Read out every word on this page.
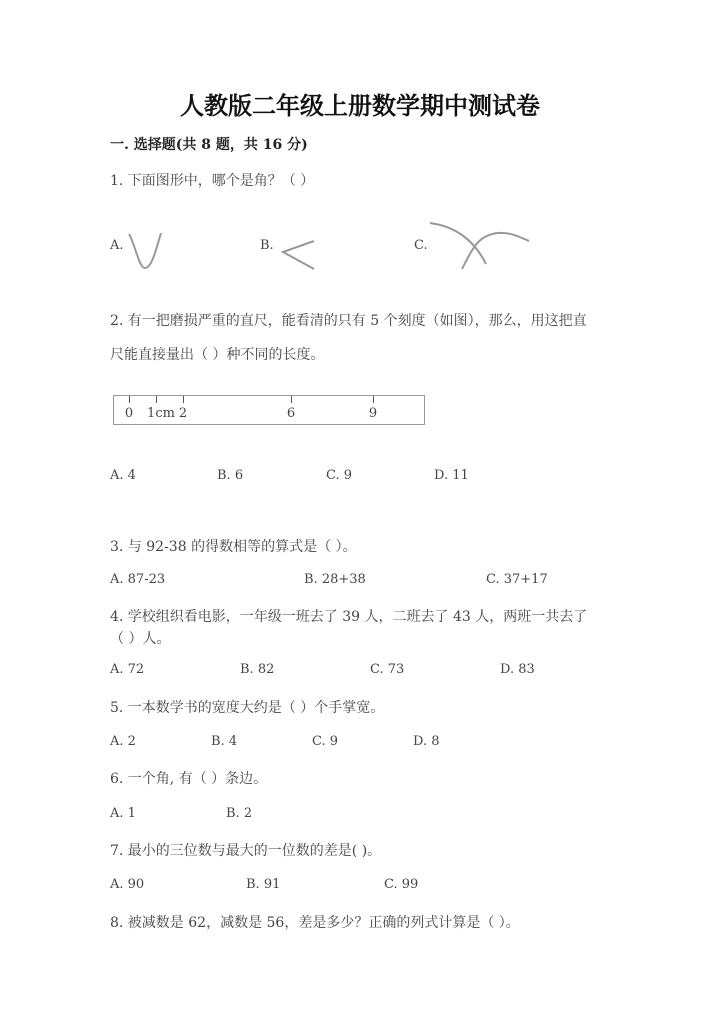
人教版二年级上册数学期中测试卷
一. 选择题(共 8 题，共 16 分)
1. 下面图形中，哪个是角？（ ）
A.	B.	C.
2. 有一把磨损严重的直尺，能看清的只有 5 个刻度（如图），那么，用这把直
尺能直接量出（ ）种不同的长度。
0 1cm 2	6	9
A. 4	B. 6	C. 9	D. 11
3. 与 92-38 的得数相等的算式是（ ）。
A. 87-23	B. 28+38	C. 37+17
4. 学校组织看电影，一年级一班去了 39 人，二班去了 43 人，两班一共去了
（ ）人。
A. 72	B. 82	C. 73	D. 83
5. 一本数学书的宽度大约是（ ）个手掌宽。
A. 2	B. 4	C. 9	D. 8
6. 一个角, 有（ ）条边。
A. 1	B. 2
7. 最小的三位数与最大的一位数的差是( )。
A. 90	B. 91	C. 99
8. 被减数是 62，减数是 56，差是多少？正确的列式计算是（ ）。
